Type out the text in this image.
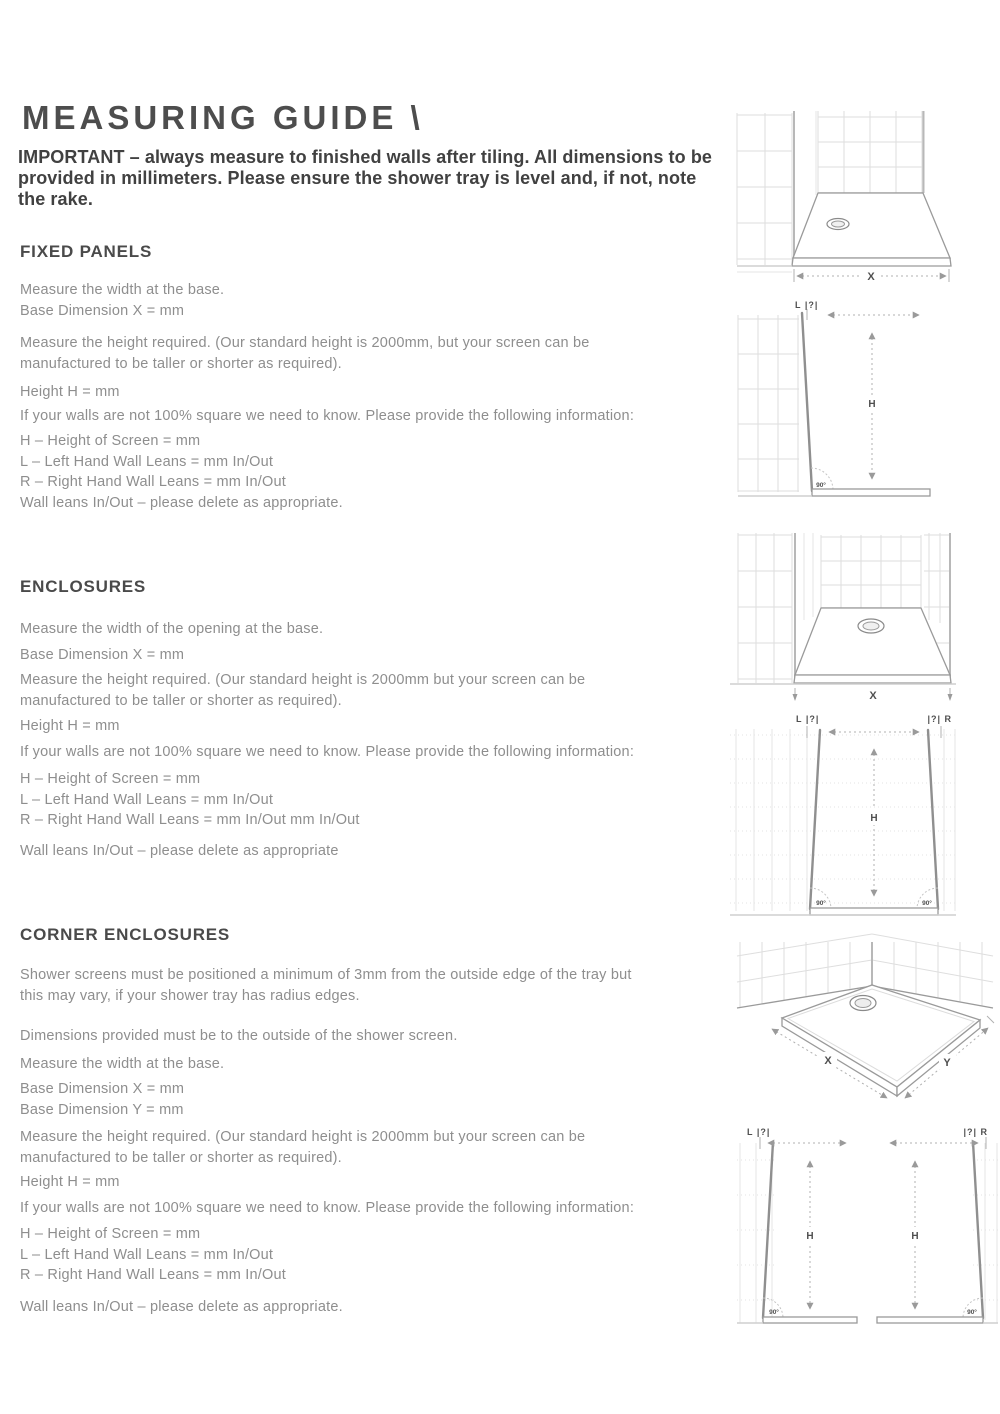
MEASURING GUIDE \

IMPORTANT – always measure to finished walls after tiling. All dimensions to be provided in millimeters. Please ensure the shower tray is level and, if not, note the rake.

FIXED PANELS

Measure the width at the base.

Base Dimension X = mm

Measure the height required. (Our standard height is 2000mm, but your screen can be manufactured to be taller or shorter as required).

Height H = mm

If your walls are not 100% square we need to know. Please provide the following information:

H – Height of Screen = mm

L – Left Hand Wall Leans = mm In/Out

R – Right Hand Wall Leans = mm In/Out

Wall leans In/Out – please delete as appropriate.

ENCLOSURES

Measure the width of the opening at the base.

Base Dimension X = mm

Measure the height required. (Our standard height is 2000mm but your screen can be manufactured to be taller or shorter as required).

Height H = mm

If your walls are not 100% square we need to know. Please provide the following information:

H – Height of Screen = mm

L – Left Hand Wall Leans = mm In/Out

R – Right Hand Wall Leans = mm In/Out mm In/Out

Wall leans In/Out – please delete as appropriate

CORNER ENCLOSURES

Shower screens must be positioned a minimum of 3mm from the outside edge of the tray but this may vary, if your shower tray has radius edges.

Dimensions provided must be to the outside of the shower screen.

Measure the width at the base.

Base Dimension X = mm

Base Dimension Y = mm

Measure the height required. (Our standard height is 2000mm but your screen can be manufactured to be taller or shorter as required).

Height H = mm

If your walls are not 100% square we need to know. Please provide the following information:

H – Height of Screen = mm

L – Left Hand Wall Leans = mm In/Out

R – Right Hand Wall Leans = mm In/Out

Wall leans In/Out – please delete as appropriate.

X
L |?|
H
90°
X
L |?|	|?| R
H
90°	90°
X	Y
L |?|
H
90°
|?| R
H
90°
